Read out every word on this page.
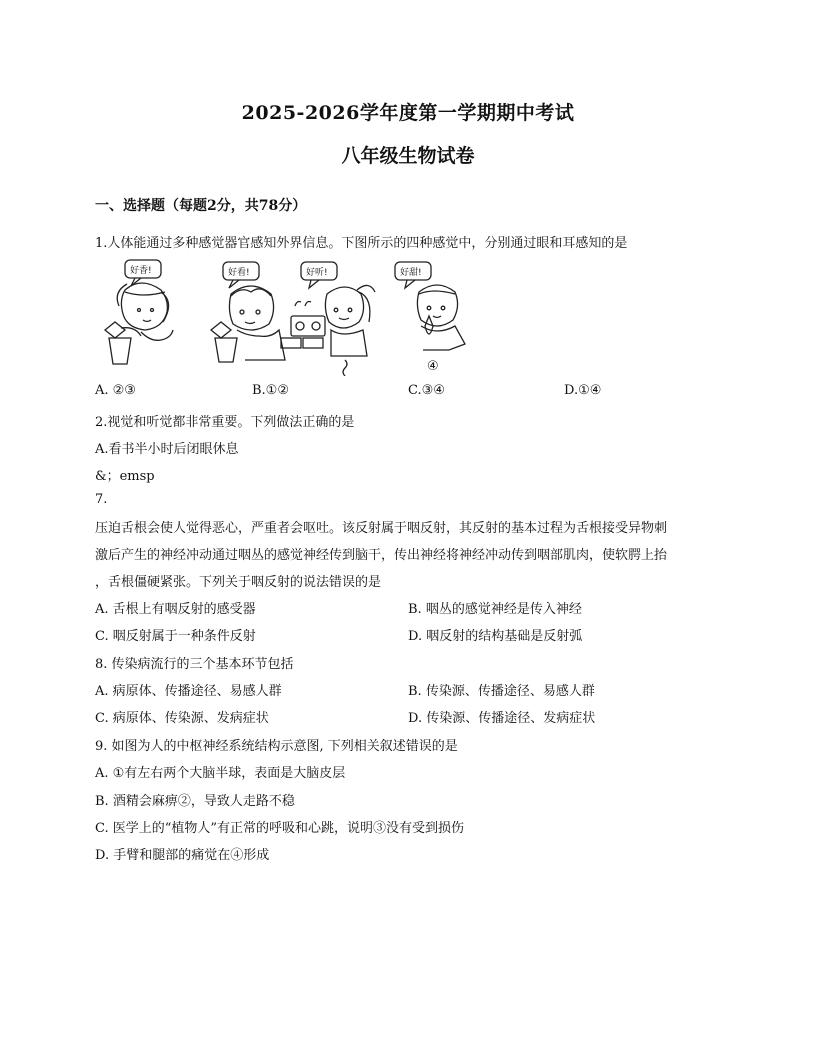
2025-2026学年度第一学期期中考试
八年级生物试卷
一、选择题（每题2分，共78分）
1.人体能通过多种感觉器官感知外界信息。下图所示的四种感觉中，分别通过眼和耳感知的是
好香!	好看!	好听!	好甜!
④
A. ②③	B.①②	C.③④	D.①④
2.视觉和听觉都非常重要。下列做法正确的是
A.看书半小时后闭眼休息
&；emsp
7.
压迫舌根会使人觉得恶心，严重者会呕吐。该反射属于咽反射，其反射的基本过程为舌根接受异物刺
激后产生的神经冲动通过咽丛的感觉神经传到脑干，传出神经将神经冲动传到咽部肌肉，使软腭上抬
，舌根僵硬紧张。下列关于咽反射的说法错误的是
A. 舌根上有咽反射的感受器	B. 咽丛的感觉神经是传入神经
C. 咽反射属于一种条件反射	D. 咽反射的结构基础是反射弧
8. 传染病流行的三个基本环节包括
A. 病原体、传播途径、易感人群	B. 传染源、传播途径、易感人群
C. 病原体、传染源、发病症状	D. 传染源、传播途径、发病症状
9. 如图为人的中枢神经系统结构示意图, 下列相关叙述错误的是
A. ①有左右两个大脑半球，表面是大脑皮层
B. 酒精会麻痹②，导致人走路不稳
C. 医学上的“植物人”有正常的呼吸和心跳，说明③没有受到损伤
D. 手臂和腿部的痛觉在④形成
